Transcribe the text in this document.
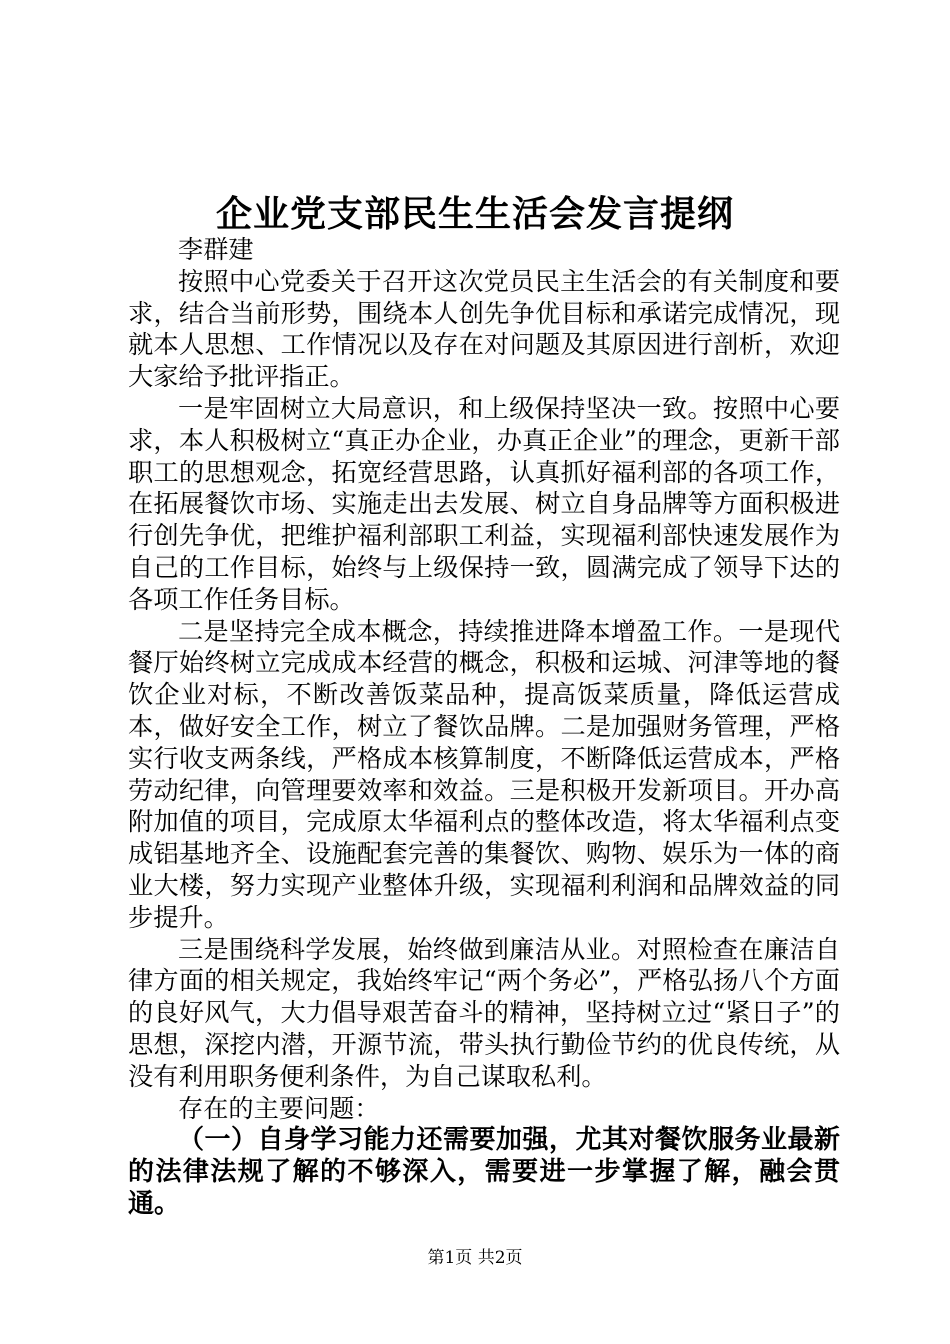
企业党支部民生生活会发言提纲

李群建

按照中心党委关于召开这次党员民主生活会的有关制度和要求，结合当前形势，围绕本人创先争优目标和承诺完成情况，现就本人思想、工作情况以及存在对问题及其原因进行剖析，欢迎大家给予批评指正。

一是牢固树立大局意识，和上级保持坚决一致。按照中心要求，本人积极树立“真正办企业，办真正企业”的理念，更新干部职工的思想观念，拓宽经营思路，认真抓好福利部的各项工作，在拓展餐饮市场、实施走出去发展、树立自身品牌等方面积极进行创先争优，把维护福利部职工利益，实现福利部快速发展作为自己的工作目标，始终与上级保持一致，圆满完成了领导下达的各项工作任务目标。

二是坚持完全成本概念，持续推进降本增盈工作。一是现代餐厅始终树立完成成本经营的概念，积极和运城、河津等地的餐饮企业对标，不断改善饭菜品种，提高饭菜质量，降低运营成本，做好安全工作，树立了餐饮品牌。二是加强财务管理，严格实行收支两条线，严格成本核算制度，不断降低运营成本，严格劳动纪律，向管理要效率和效益。三是积极开发新项目。开办高附加值的项目，完成原太华福利点的整体改造，将太华福利点变成铝基地齐全、设施配套完善的集餐饮、购物、娱乐为一体的商业大楼，努力实现产业整体升级，实现福利利润和品牌效益的同步提升。

三是围绕科学发展，始终做到廉洁从业。对照检查在廉洁自律方面的相关规定，我始终牢记“两个务必”，严格弘扬八个方面的良好风气，大力倡导艰苦奋斗的精神，坚持树立过“紧日子”的思想，深挖内潜，开源节流，带头执行勤俭节约的优良传统，从没有利用职务便利条件，为自己谋取私利。

存在的主要问题：

（一）自身学习能力还需要加强，尤其对餐饮服务业最新的法律法规了解的不够深入，需要进一步掌握了解，融会贯通。

第1页 共2页
